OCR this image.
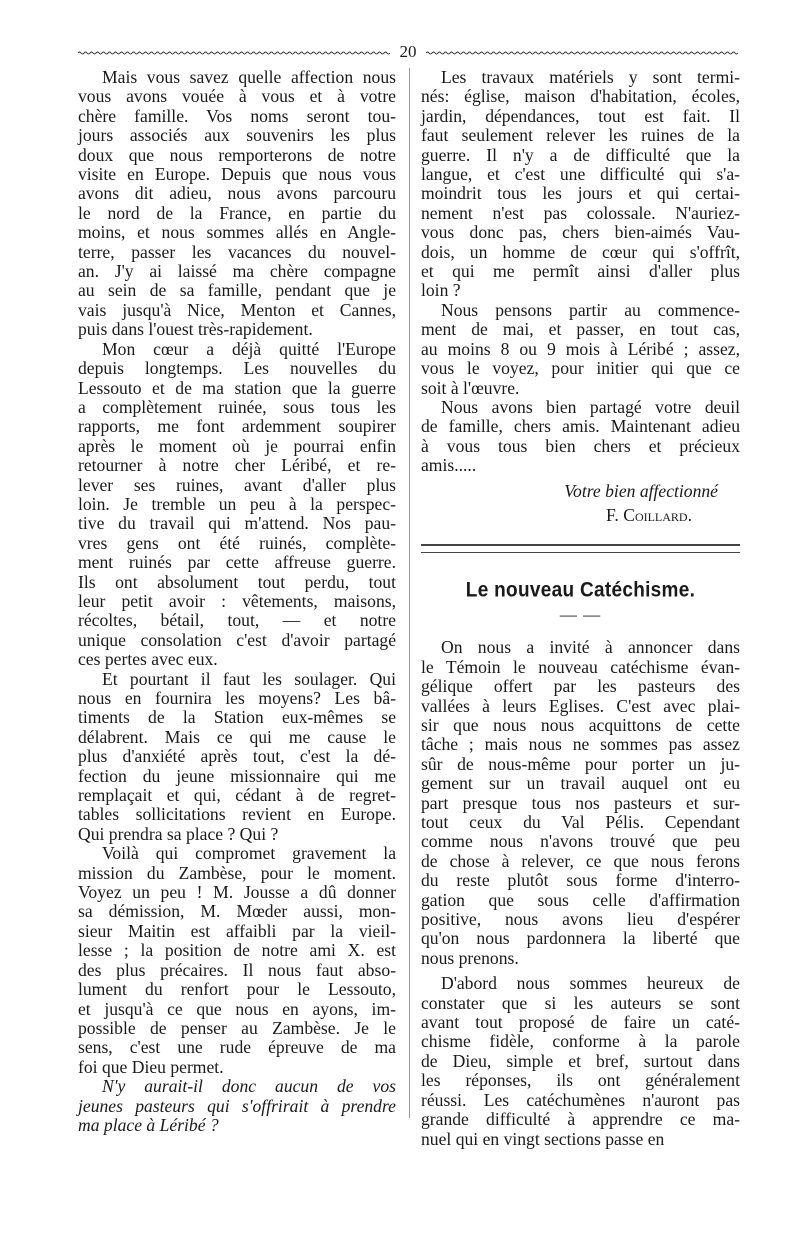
20

Mais vous savez quelle affection nous
vous avons vouée à vous et à votre
chère famille. Vos noms seront tou-
jours associés aux souvenirs les plus
doux que nous remporterons de notre
visite en Europe. Depuis que nous vous
avons dit adieu, nous avons parcouru
le nord de la France, en partie du
moins, et nous sommes allés en Angle-
terre, passer les vacances du nouvel-
an. J'y ai laissé ma chère compagne
au sein de sa famille, pendant que je
vais jusqu'à Nice, Menton et Cannes,
puis dans l'ouest très-rapidement.

Mon cœur a déjà quitté l'Europe
depuis longtemps. Les nouvelles du
Lessouto et de ma station que la guerre
a complètement ruinée, sous tous les
rapports, me font ardemment soupirer
après le moment où je pourrai enfin
retourner à notre cher Léribé, et re-
lever ses ruines, avant d'aller plus
loin. Je tremble un peu à la perspec-
tive du travail qui m'attend. Nos pau-
vres gens ont été ruinés, complète-
ment ruinés par cette affreuse guerre.
Ils ont absolument tout perdu, tout
leur petit avoir : vêtements, maisons,
récoltes, bétail, tout, — et notre
unique consolation c'est d'avoir partagé
ces pertes avec eux.

Et pourtant il faut les soulager. Qui
nous en fournira les moyens? Les bâ-
timents de la Station eux-mêmes se
délabrent. Mais ce qui me cause le
plus d'anxiété après tout, c'est la dé-
fection du jeune missionnaire qui me
remplaçait et qui, cédant à de regret-
tables sollicitations revient en Europe.
Qui prendra sa place ? Qui ?

Voilà qui compromet gravement la
mission du Zambèse, pour le moment.
Voyez un peu ! M. Jousse a dû donner
sa démission, M. Mœder aussi, mon-
sieur Maitin est affaibli par la vieil-
lesse ; la position de notre ami X. est
des plus précaires. Il nous faut abso-
lument du renfort pour le Lessouto,
et jusqu'à ce que nous en ayons, im-
possible de penser au Zambèse. Je le
sens, c'est une rude épreuve de ma
foi que Dieu permet.

N'y aurait-il donc aucun de vos
jeunes pasteurs qui s'offrirait à prendre
ma place à Léribé ?

Les travaux matériels y sont termi-
nés: église, maison d'habitation, écoles,
jardin, dépendances, tout est fait. Il
faut seulement relever les ruines de la
guerre. Il n'y a de difficulté que la
langue, et c'est une difficulté qui s'a-
moindrit tous les jours et qui certai-
nement n'est pas colossale. N'auriez-
vous donc pas, chers bien-aimés Vau-
dois, un homme de cœur qui s'offrît,
et qui me permît ainsi d'aller plus
loin ?

Nous pensons partir au commence-
ment de mai, et passer, en tout cas,
au moins 8 ou 9 mois à Léribé ; assez,
vous le voyez, pour initier qui que ce
soit à l'œuvre.

Nous avons bien partagé votre deuil
de famille, chers amis. Maintenant adieu
à vous tous bien chers et précieux
amis.....

Votre bien affectionné
F. Coillard.
Le nouveau Catéchisme.
— —

On nous a invité à annoncer dans
le Témoin le nouveau catéchisme évan-
gélique offert par les pasteurs des
vallées à leurs Eglises. C'est avec plai-
sir que nous nous acquittons de cette
tâche ; mais nous ne sommes pas assez
sûr de nous-même pour porter un ju-
gement sur un travail auquel ont eu
part presque tous nos pasteurs et sur-
tout ceux du Val Pélis. Cependant
comme nous n'avons trouvé que peu
de chose à relever, ce que nous ferons
du reste plutôt sous forme d'interro-
gation que sous celle d'affirmation
positive, nous avons lieu d'espérer
qu'on nous pardonnera la liberté que
nous prenons.

D'abord nous sommes heureux de
constater que si les auteurs se sont
avant tout proposé de faire un caté-
chisme fidèle, conforme à la parole
de Dieu, simple et bref, surtout dans
les réponses, ils ont généralement
réussi. Les catéchumènes n'auront pas
grande difficulté à apprendre ce ma-
nuel qui en vingt sections passe en
